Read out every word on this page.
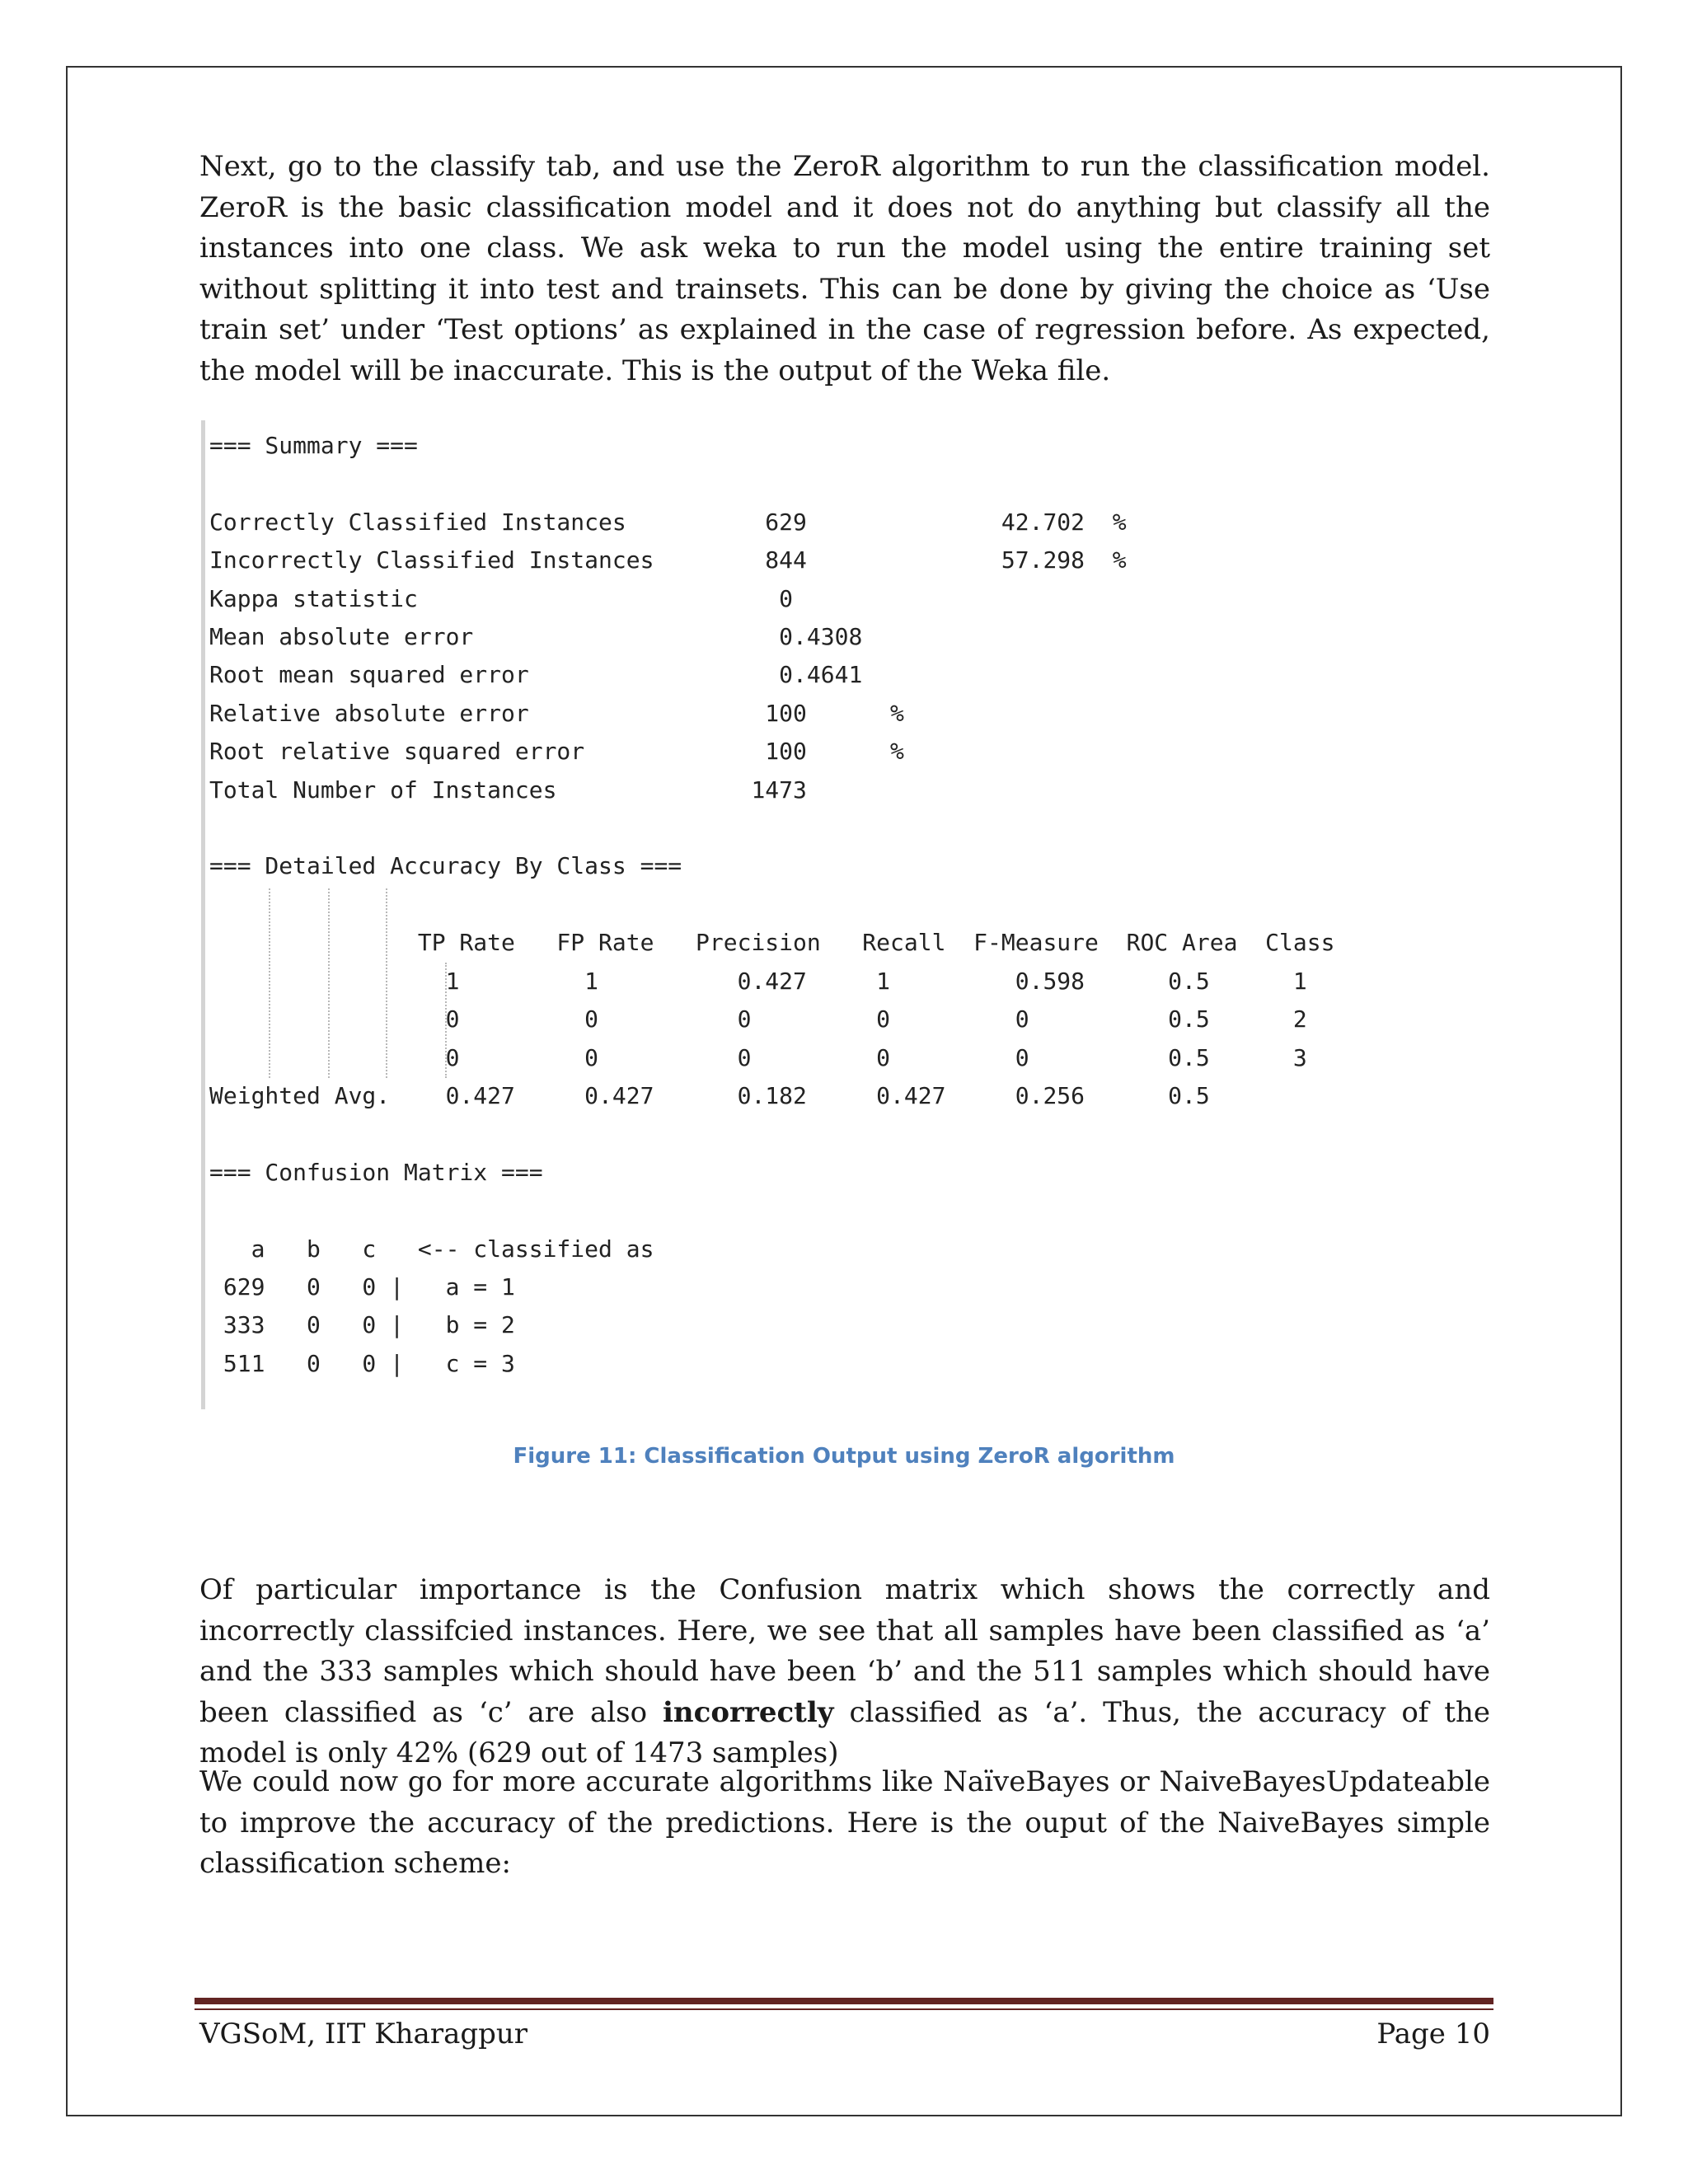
Next, go to the classify tab, and use the ZeroR algorithm to run the classification model. ZeroR is the basic classification model and it does not do anything but classify all the instances into one class. We ask weka to run the model using the entire training set without splitting it into test and trainsets. This can be done by giving the choice as ‘Use train set’ under ‘Test options’ as explained in the case of regression before. As expected, the model will be inaccurate. This is the output of the Weka file.

=== Summary ===

Correctly Classified Instances          629              42.702  %
Incorrectly Classified Instances        844              57.298  %
Kappa statistic                          0
Mean absolute error                      0.4308
Root mean squared error                  0.4641
Relative absolute error                 100      %
Root relative squared error             100      %
Total Number of Instances              1473

=== Detailed Accuracy By Class ===

TP Rate   FP Rate   Precision   Recall  F-Measure  ROC Area  Class
1         1          0.427     1         0.598      0.5      1
0         0          0         0         0          0.5      2
0         0          0         0         0          0.5      3
Weighted Avg.    0.427     0.427      0.182     0.427     0.256      0.5

=== Confusion Matrix ===

a   b   c   <-- classified as
629   0   0 |   a = 1
333   0   0 |   b = 2
511   0   0 |   c = 3
Figure 11: Classification Output using ZeroR algorithm

Of particular importance is the Confusion matrix which shows the correctly and incorrectly classifcied instances. Here, we see that all samples have been classified as ‘a’ and the 333 samples which should have been ‘b’ and the 511 samples which should have been classified as ‘c’ are also incorrectly classified as ‘a’. Thus, the accuracy of the model is only 42% (629 out of 1473 samples)

We could now go for more accurate algorithms like NaïveBayes or NaiveBayesUpdateable to improve the accuracy of the predictions. Here is the ouput of the NaiveBayes simple classification scheme:

VGSoM, IIT Kharagpur	Page 10
